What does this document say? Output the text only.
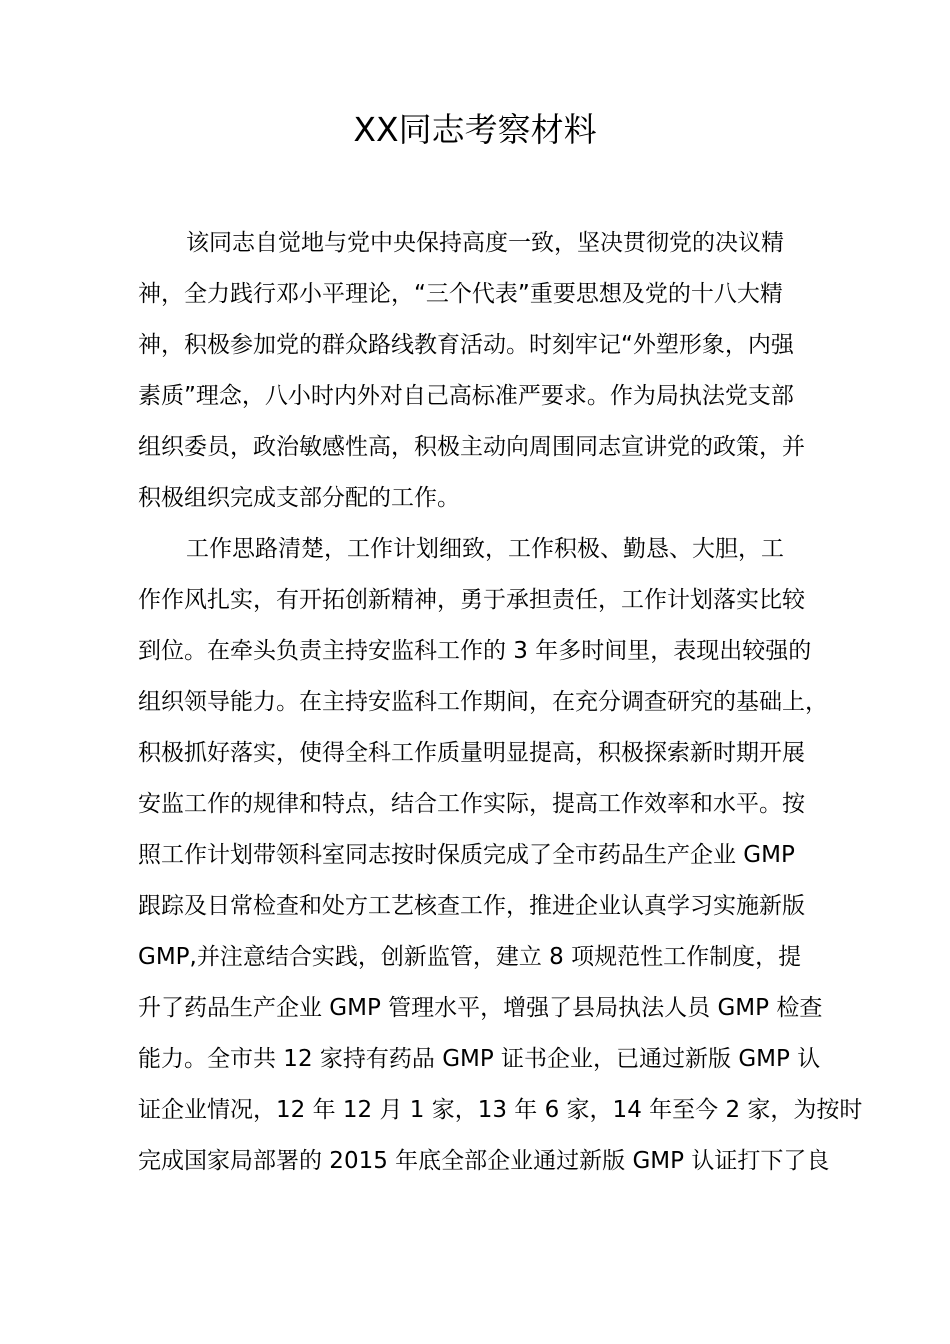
XX同志考察材料

该同志自觉地与党中央保持高度一致，坚决贯彻党的决议精

神，全力践行邓小平理论，“三个代表”重要思想及党的十八大精

神，积极参加党的群众路线教育活动。时刻牢记“外塑形象，内强

素质”理念，八小时内外对自己高标准严要求。作为局执法党支部

组织委员，政治敏感性高，积极主动向周围同志宣讲党的政策，并

积极组织完成支部分配的工作。

工作思路清楚，工作计划细致，工作积极、勤恳、大胆，工

作作风扎实，有开拓创新精神，勇于承担责任，工作计划落实比较

到位。在牵头负责主持安监科工作的 3 年多时间里，表现出较强的

组织领导能力。在主持安监科工作期间，在充分调查研究的基础上，

积极抓好落实，使得全科工作质量明显提高，积极探索新时期开展

安监工作的规律和特点，结合工作实际，提高工作效率和水平。按

照工作计划带领科室同志按时保质完成了全市药品生产企业 GMP

跟踪及日常检查和处方工艺核查工作，推进企业认真学习实施新版

GMP,并注意结合实践，创新监管，建立 8 项规范性工作制度，提

升了药品生产企业 GMP 管理水平，增强了县局执法人员 GMP 检查

能力。全市共 12 家持有药品 GMP 证书企业，已通过新版 GMP 认

证企业情况，12 年 12 月 1 家，13 年 6 家，14 年至今 2 家，为按时

完成国家局部署的 2015 年底全部企业通过新版 GMP 认证打下了良
